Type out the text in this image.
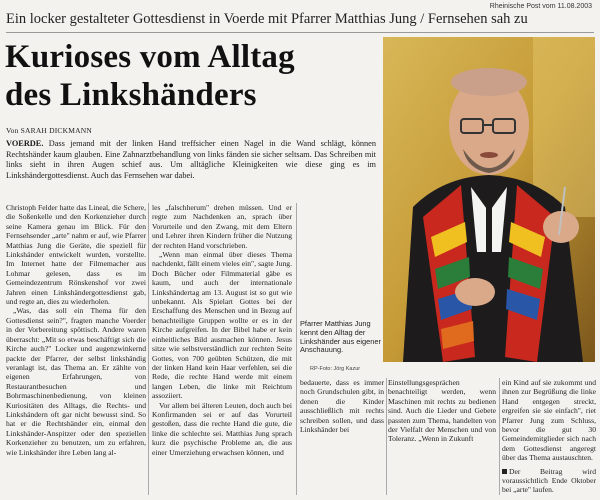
Rheinische Post vom 11.08.2003
Ein locker gestalteter Gottesdienst in Voerde mit Pfarrer Matthias Jung / Fernsehen sah zu
Kurioses vom Alltag
des Linkshänders
Von SARAH DICKMANN
VOERDE. Dass jemand mit der linken Hand treffsicher einen Nagel in die Wand schlägt, können Rechtshänder kaum glauben. Eine Zahnarztbehandlung von links fänden sie sicher seltsam. Das Schreiben mit links sieht in ihren Augen schief aus. Um alltägliche Kleinigkeiten wie diese ging es im Linkshändergottesdienst. Auch das Fernsehen war dabei.

Christoph Felder hatte das Lineal, die Schere, die Soßenkelle und den Korkenzieher durch seine Kamera genau im Blick. Für den Fernsehsender „arte" nahm er auf, wie Pfarrer Matthias Jung die Geräte, die speziell für Linkshänder entwickelt wurden, vorstellte. Im Internet hatte der Filmemacher aus Lohmar gelesen, dass es im Gemeindezentrum Rönskenshof vor zwei Jahren einen Linkshändergottesdienst gab, und regte an, dies zu wiederholen.

„Was, das soll ein Thema für den Gottesdienst sein?", fragten manche Voerder in der Vorbereitung spöttisch. Andere waren überrascht: „Mit so etwas beschäftigt sich die Kirche auch?" Locker und augenzwinkernd packte der Pfarrer, der selbst linkshändig veranlagt ist, das Thema an. Er zählte von eigenen Erfahrungen, von Restaurantbesuchen und Bohrmaschinenbedienung, von kleinen Kuriositäten des Alltags, die Rechts- und Linkshändern oft gar nicht bewusst sind. So hat er die Rechtshänder ein, einmal den Linkshänder-Anspitzer oder den speziellen Korkenzieher zu benutzen, um zu erfahren, wie Linkshänder ihre Leben lang al-

les „falschherum" drehen müssen. Und er regte zum Nachdenken an, sprach über Vorurteile und den Zwang, mit dem Eltern und Lehrer ihren Kindern früher die Nutzung der rechten Hand vorschrieben.

„Wenn man einmal über dieses Thema nachdenkt, fällt einem vieles ein", sagte Jung. Doch Bücher oder Filmmaterial gäbe es kaum, und auch der internationale Linkshändertag am 13. August ist so gut wie unbekannt. Als Spielart Gottes bei der Erschaffung des Menschen und in Bezug auf benachteiligte Gruppen wollte er es in der Kirche aufgreifen. In der Bibel habe er kein einheitliches Bild ausmachen können. Jesus sitze wie selbstverständlich zur rechten Seite Gottes, von 700 geübten Schützen, die mit der linken Hand kein Haar verfehlen, sei die Rede, die rechte Hand werde mit einem langen Leben, die linke mit Reichtum assoziiert.

Vor allem bei älteren Leuten, doch auch bei Konfirmanden sei er auf das Vorurteil gestoßen, dass die rechte Hand die gute, die linke die schlechte sei. Matthias Jung sprach kurz die psychische Probleme an, die aus einer Umerziehung erwachsen können, und

Pfarrer Matthias Jung kennt den Alltag der Linkshänder aus eigener Anschauung.
RP-Foto: Jörg Kazur

bedauerte, dass es immer noch Grundschulen gibt, in denen die Kinder ausschließlich mit rechts schreiben sollen, und dass Linkshänder bei

Einstellungsgesprächen benachteiligt werden, wenn Maschinen mit rechts zu bedienen sind. Auch die Lieder und Gebete passten zum Thema, handelten von der Vielfalt der Menschen und von Toleranz. „Wenn in Zukunft

ein Kind auf sie zukommt und ihnen zur Begrüßung die linke Hand entgegen streckt, ergreifen sie sie einfach", riet Pfarrer Jung zum Schluss, bevor die gut 30 Gemeindemitglieder sich nach dem Gottesdienst angeregt über das Thema austauschten.

Der Beitrag wird voraussichtlich Ende Oktober bei „arte" laufen.
